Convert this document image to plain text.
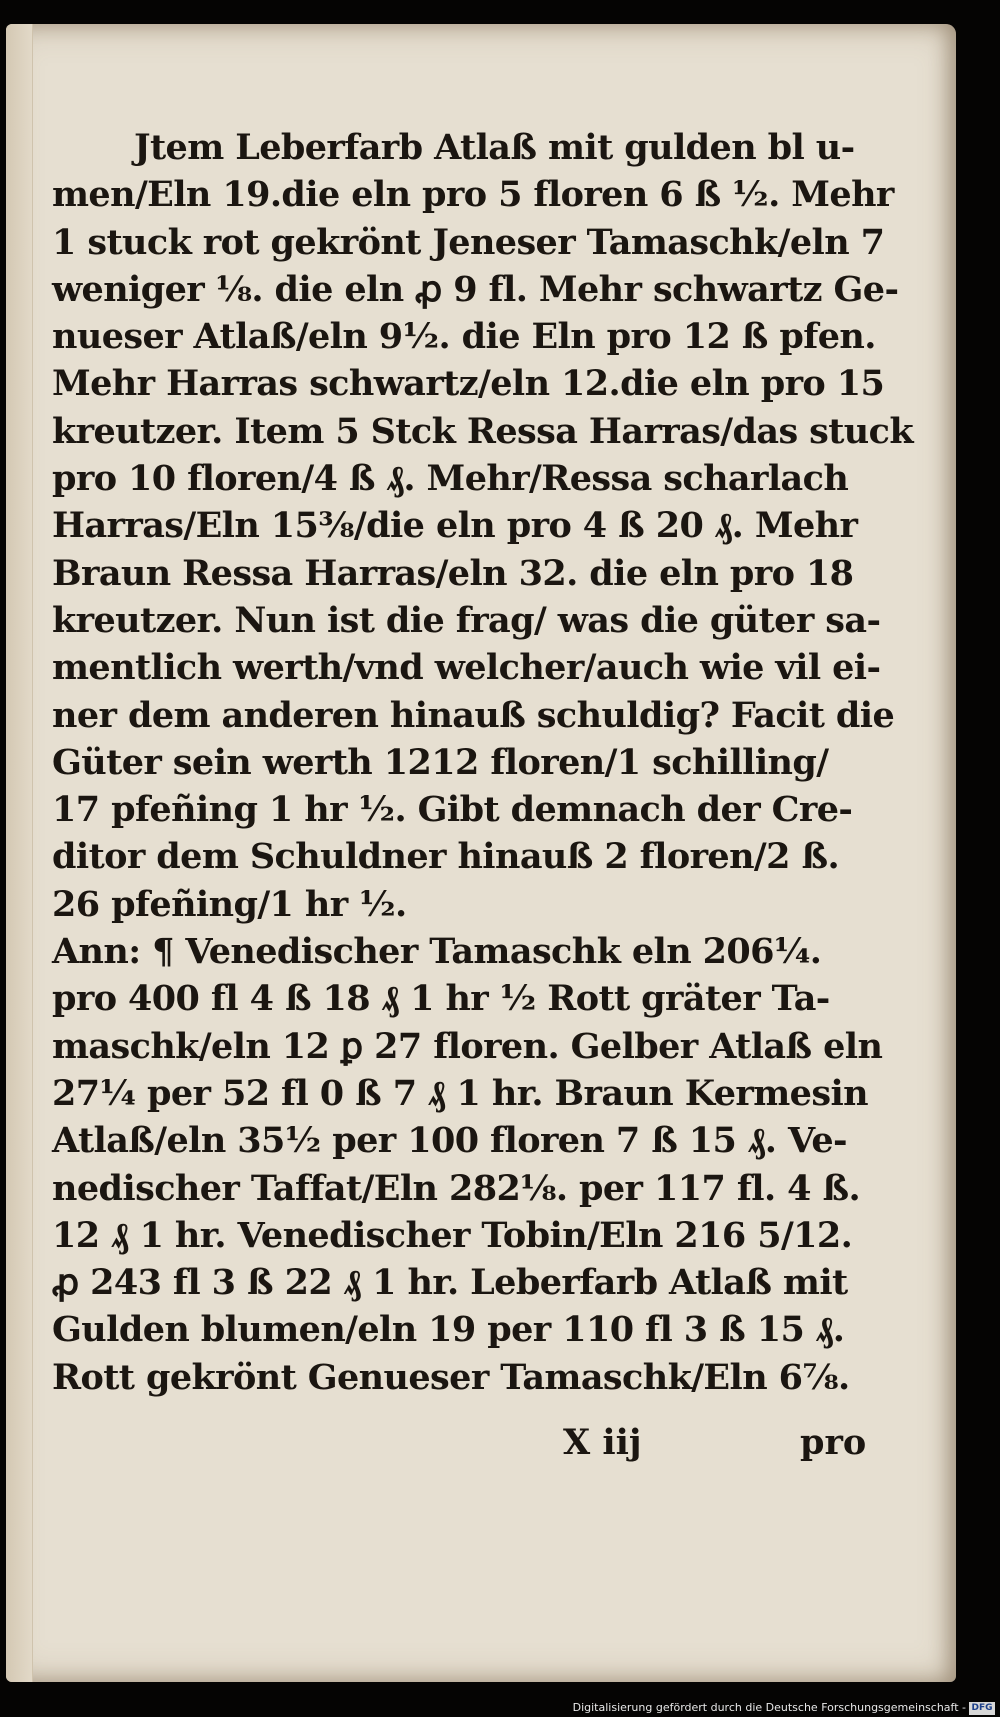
Jtem Leberfarb Atlaß mit gulden bl u-
men/Eln 19.die eln pro 5 floren 6 ß ½. Mehr
1 stuck rot gekrönt Jeneser Tamaschk/eln 7
weniger ⅛. die eln ꝓ 9 fl. Mehr schwartz Ge-
nueser Atlaß/eln 9½. die Eln pro 12 ß pfen.
Mehr Harras schwartz/eln 12.die eln pro 15
kreutzer. Item 5 Stck Ressa Harras/das stuck
pro 10 floren/4 ß ₰. Mehr/Ressa scharlach
Harras/Eln 15⅜/die eln pro 4 ß 20 ₰. Mehr
Braun Ressa Harras/eln 32. die eln pro 18
kreutzer. Nun ist die frag/ was die güter sa-
mentlich werth/vnd welcher/auch wie vil ei-
ner dem anderen hinauß schuldig? Facit die
Güter sein werth 1212 floren/1 schilling/
17 pfeñing 1 hr ½. Gibt demnach der Cre-
ditor dem Schuldner hinauß 2 floren/2 ß.
26 pfeñing/1 hr ½.
Ann: ¶ Venedischer Tamaschk eln 206¼.
pro 400 fl 4 ß 18 ₰ 1 hr ½ Rott gräter Ta-
maschk/eln 12 ꝑ 27 floren. Gelber Atlaß eln
27¼ per 52 fl 0 ß 7 ₰ 1 hr. Braun Kermesin
Atlaß/eln 35½ per 100 floren 7 ß 15 ₰. Ve-
nedischer Taffat/Eln 282⅛. per 117 fl. 4 ß.
12 ₰ 1 hr. Venedischer Tobin/Eln 216 5/12.
ꝓ 243 fl 3 ß 22 ₰ 1 hr. Leberfarb Atlaß mit
Gulden blumen/eln 19 per 110 fl 3 ß 15 ₰.
Rott gekrönt Genueser Tamaschk/Eln 6⅞.
X iij	pro
Digitalisierung gefördert durch die Deutsche Forschungsgemeinschaft - DFG
